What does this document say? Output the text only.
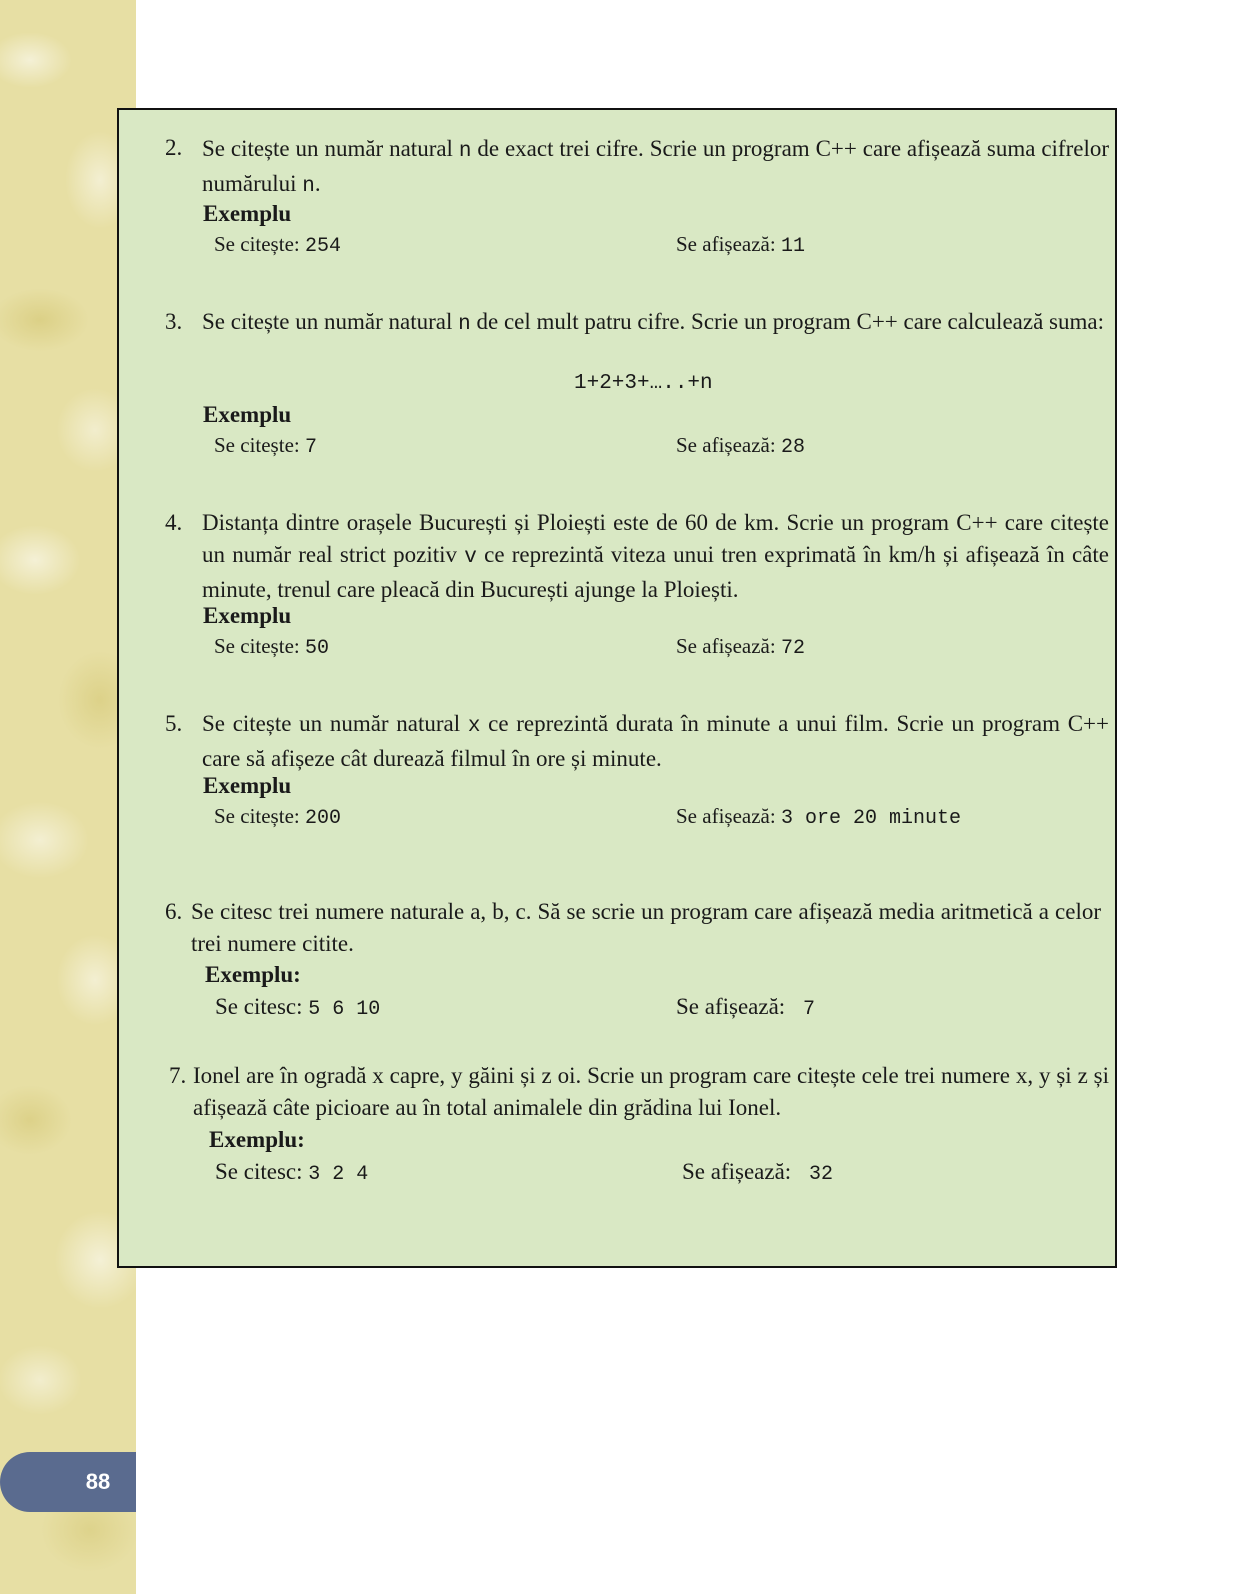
88
2. Se citește un număr natural n de exact trei cifre. Scrie un program C++ care afișează suma cifrelor numărului n.
Exemplu
Se citește: 254	Se afișează: 11
3. Se citește un număr natural n de cel mult patru cifre. Scrie un program C++ care calculează suma:
1+2+3+…..+n
Exemplu
Se citește: 7	Se afișează: 28
4. Distanța dintre orașele București și Ploiești este de 60 de km. Scrie un program C++ care citește un număr real strict pozitiv v ce reprezintă viteza unui tren exprimată în km/h și afișează în câte minute, trenul care pleacă din București ajunge la Ploiești.
Exemplu
Se citește: 50	Se afișează: 72
5. Se citește un număr natural x ce reprezintă durata în minute a unui film. Scrie un program C++ care să afișeze cât durează filmul în ore și minute.
Exemplu
Se citește: 200	Se afișează: 3 ore 20 minute
6. Se citesc trei numere naturale a, b, c. Să se scrie un program care afișează media aritmetică a celor trei numere citite.
Exemplu:
Se citesc: 5 6 10	Se afișează:  7
7. Ionel are în ogradă x capre, y găini și z oi. Scrie un program care citește cele trei numere x, y și z și afișează câte picioare au în total animalele din grădina lui Ionel.
Exemplu:
Se citesc: 3 2 4	Se afișează:  32
